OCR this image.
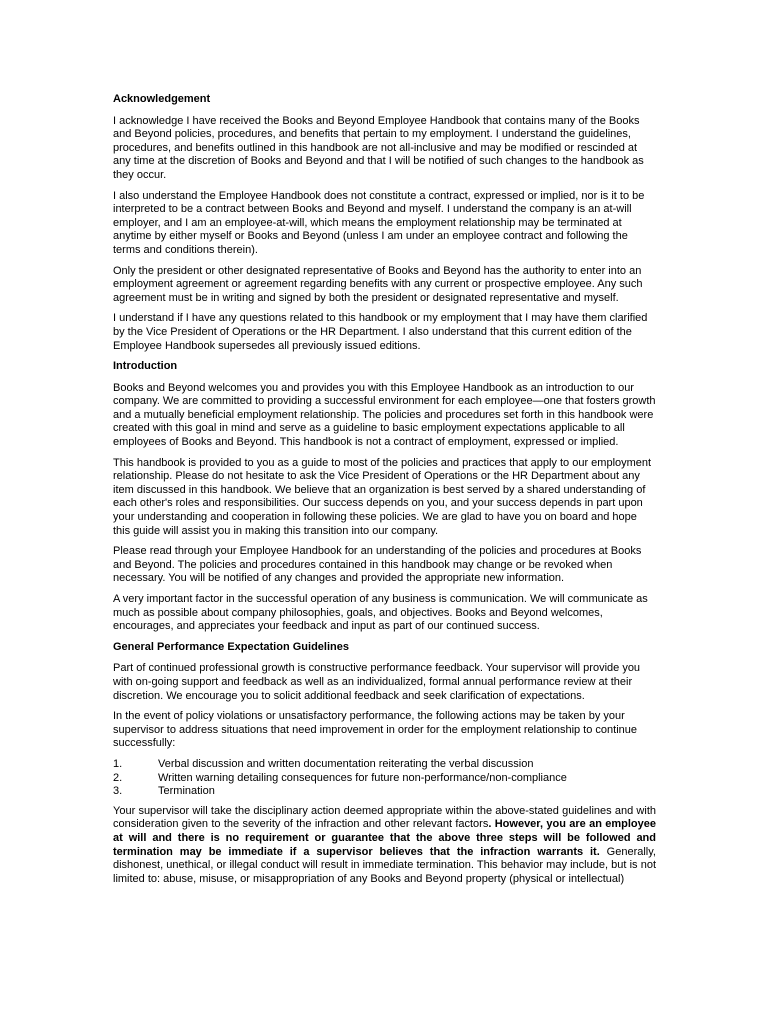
Acknowledgement

I acknowledge I have received the Books and Beyond Employee Handbook that contains many of the Books and Beyond policies, procedures, and benefits that pertain to my employment. I understand the guidelines, procedures, and benefits outlined in this handbook are not all-inclusive and may be modified or rescinded at any time at the discretion of Books and Beyond and that I will be notified of such changes to the handbook as they occur.

I also understand the Employee Handbook does not constitute a contract, expressed or implied, nor is it to be interpreted to be a contract between Books and Beyond and myself. I understand the company is an at-will employer, and I am an employee-at-will, which means the employment relationship may be terminated at anytime by either myself or Books and Beyond (unless I am under an employee contract and following the terms and conditions therein).

Only the president or other designated representative of Books and Beyond has the authority to enter into an employment agreement or agreement regarding benefits with any current or prospective employee. Any such agreement must be in writing and signed by both the president or designated representative and myself.

I understand if I have any questions related to this handbook or my employment that I may have them clarified by the Vice President of Operations or the HR Department. I also understand that this current edition of the Employee Handbook supersedes all previously issued editions.

Introduction

Books and Beyond welcomes you and provides you with this Employee Handbook as an introduction to our company. We are committed to providing a successful environment for each employee—one that fosters growth and a mutually beneficial employment relationship. The policies and procedures set forth in this handbook were created with this goal in mind and serve as a guideline to basic employment expectations applicable to all employees of Books and Beyond. This handbook is not a contract of employment, expressed or implied.

This handbook is provided to you as a guide to most of the policies and practices that apply to our employment relationship. Please do not hesitate to ask the Vice President of Operations or the HR Department about any item discussed in this handbook. We believe that an organization is best served by a shared understanding of each other's roles and responsibilities. Our success depends on you, and your success depends in part upon your understanding and cooperation in following these policies. We are glad to have you on board and hope this guide will assist you in making this transition into our company.

Please read through your Employee Handbook for an understanding of the policies and procedures at Books and Beyond. The policies and procedures contained in this handbook may change or be revoked when necessary. You will be notified of any changes and provided the appropriate new information.

A very important factor in the successful operation of any business is communication. We will communicate as much as possible about company philosophies, goals, and objectives. Books and Beyond welcomes, encourages, and appreciates your feedback and input as part of our continued success.

General Performance Expectation Guidelines

Part of continued professional growth is constructive performance feedback. Your supervisor will provide you with on-going support and feedback as well as an individualized, formal annual performance review at their discretion. We encourage you to solicit additional feedback and seek clarification of expectations.

In the event of policy violations or unsatisfactory performance, the following actions may be taken by your supervisor to address situations that need improvement in order for the employment relationship to continue successfully:

1.	Verbal discussion and written documentation reiterating the verbal discussion
2.	Written warning detailing consequences for future non-performance/non-compliance
3.	Termination

Your supervisor will take the disciplinary action deemed appropriate within the above-stated guidelines and with consideration given to the severity of the infraction and other relevant factors. However, you are an employee at will and there is no requirement or guarantee that the above three steps will be followed and termination may be immediate if a supervisor believes that the infraction warrants it. Generally, dishonest, unethical, or illegal conduct will result in immediate termination. This behavior may include, but is not limited to: abuse, misuse, or misappropriation of any Books and Beyond property (physical or intellectual)
